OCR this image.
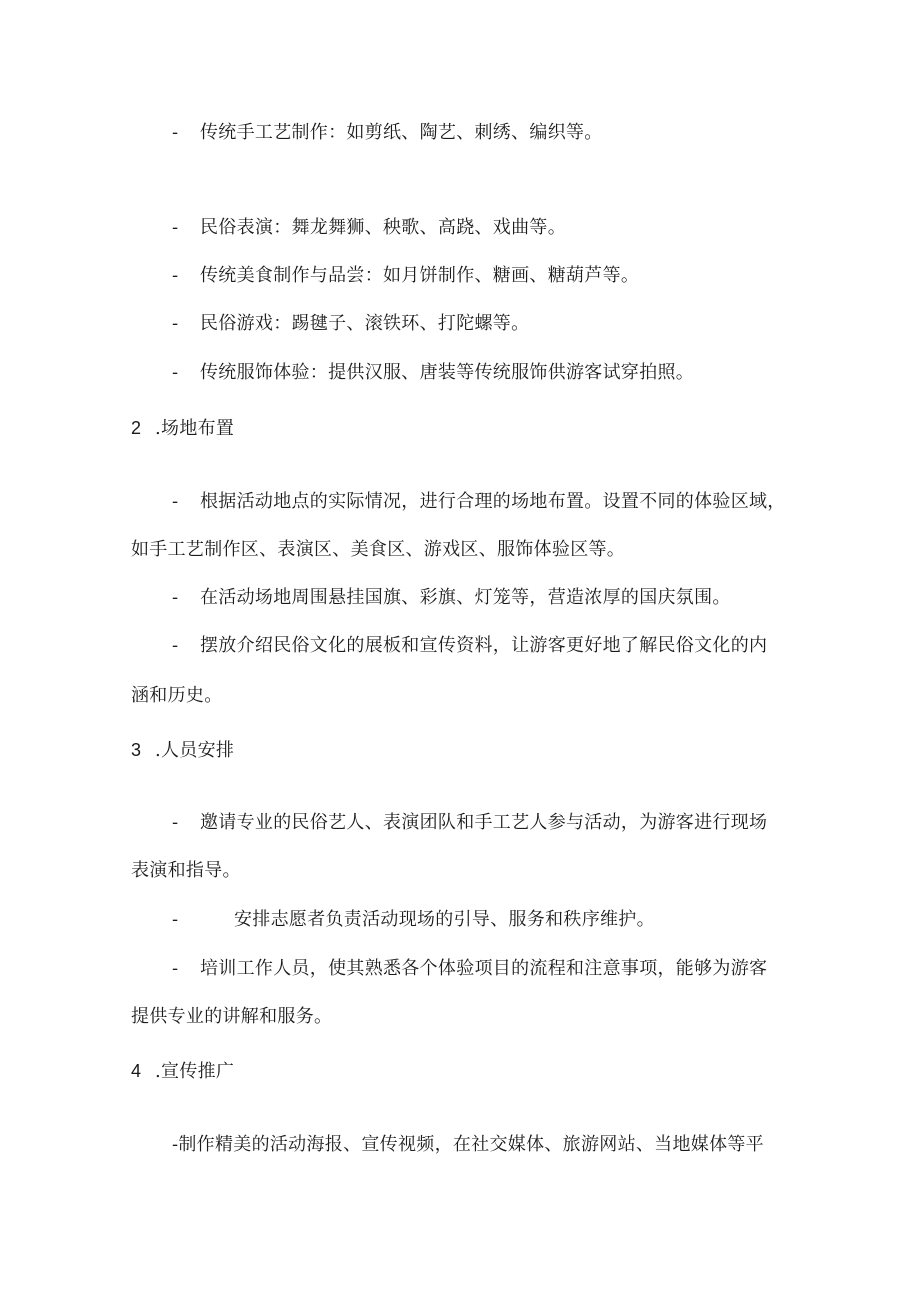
- 传统手工艺制作：如剪纸、陶艺、刺绣、编织等。

- 民俗表演：舞龙舞狮、秧歌、高跷、戏曲等。

- 传统美食制作与品尝：如月饼制作、糖画、糖葫芦等。

- 民俗游戏：踢毽子、滚铁环、打陀螺等。

- 传统服饰体验：提供汉服、唐装等传统服饰供游客试穿拍照。

2 .场地布置

- 根据活动地点的实际情况，进行合理的场地布置。设置不同的体验区域，

如手工艺制作区、表演区、美食区、游戏区、服饰体验区等。

- 在活动场地周围悬挂国旗、彩旗、灯笼等，营造浓厚的国庆氛围。

- 摆放介绍民俗文化的展板和宣传资料，让游客更好地了解民俗文化的内

涵和历史。

3 .人员安排

- 邀请专业的民俗艺人、表演团队和手工艺人参与活动，为游客进行现场

表演和指导。

-	安排志愿者负责活动现场的引导、服务和秩序维护。

- 培训工作人员，使其熟悉各个体验项目的流程和注意事项，能够为游客

提供专业的讲解和服务。

4 .宣传推广

-制作精美的活动海报、宣传视频，在社交媒体、旅游网站、当地媒体等平
